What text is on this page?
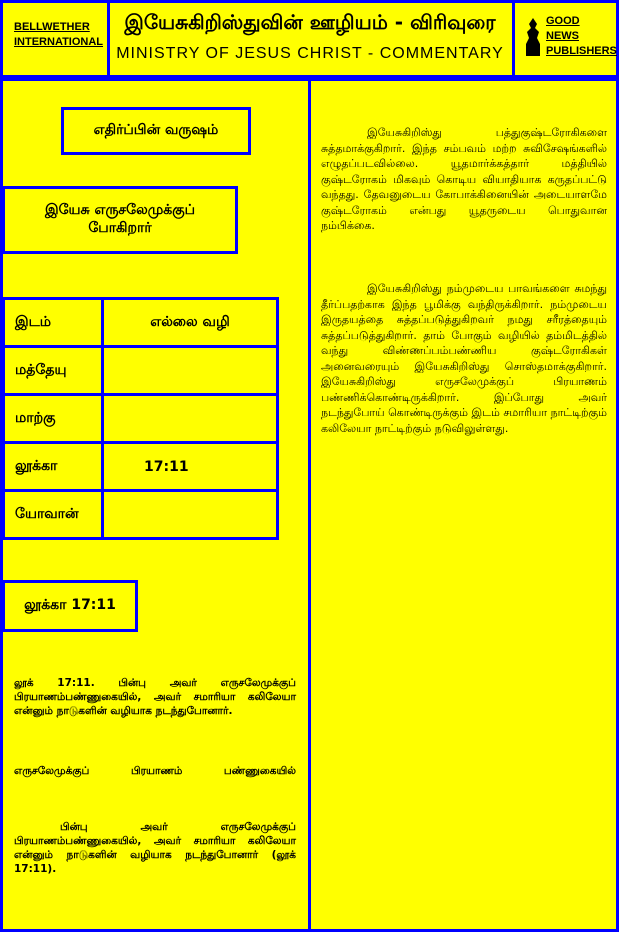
BELLWETHER INTERNATIONAL
இயேசுகிறிஸ்துவின் ஊழியம் - விரிவுரை
MINISTRY OF JESUS CHRIST - COMMENTARY
GOOD NEWS PUBLISHERS
எதிர்ப்பின் வருஷம்
இயேசு எருசலேமுக்குப் போகிறார்
இடம்	எல்லை வழி
மத்தேயு	
மாற்கு	
லூக்கா	17:11
யோவான்	
லூக்கா 17:11
லூக் 17:11. பின்பு அவர் எருசலேமுக்குப் பிரயாணம்பண்ணுகையில், அவர் சமாரியா கலிலேயா என்னும் நாடுகளின் வழியாக நடந்துபோனார்.
எருசலேமுக்குப் பிரயாணம் பண்ணுகையில்
பின்பு அவர் எருசலேமுக்குப் பிரயாணம்பண்ணுகையில், அவர் சமாரியா கலிலேயா என்னும் நாடுகளின் வழியாக நடந்துபோனார் (லூக் 17:11).
இயேசுகிறிஸ்து பத்துகுஷ்டரோகிகளை சுத்தமாக்குகிறார். இந்த சம்பவம் மற்ற சுவிசேஷங்களில் எழுதப்படவில்லை. யூதமார்க்கத்தார் மத்தியில் குஷ்டரோகம் மிகவும் கொடிய வியாதியாக கருதப்பட்டு வந்தது. தேவனுடைய கோபாக்கினையின் அடையாளமே குஷ்டரோகம் என்பது யூதருடைய பொதுவான நம்பிக்கை.
இயேசுகிறிஸ்து நம்முடைய பாவங்களை சுமந்து தீர்ப்பதற்காக இந்த பூமிக்கு வந்திருக்கிறார். நம்முடைய இருதயத்தை சுத்தப்படுத்துகிறவர் நமது சரீரத்தையும் சுத்தப்படுத்துகிறார். தாம் போகும் வழியில் தம்மிடத்தில் வந்து விண்ணப்பம்பண்ணிய குஷ்டரோகிகள் அனைவரையும் இயேசுகிறிஸ்து சொஸ்தமாக்குகிறார். இயேசுகிறிஸ்து எருசலேமுக்குப் பிரயாணம் பண்ணிக்கொண்டிருக்கிறார். இப்போது அவர் நடந்துபோய் கொண்டிருக்கும் இடம் சமாரியா நாட்டிற்கும் கலிலேயா நாட்டிற்கும் நடுவிலுள்ளது.
